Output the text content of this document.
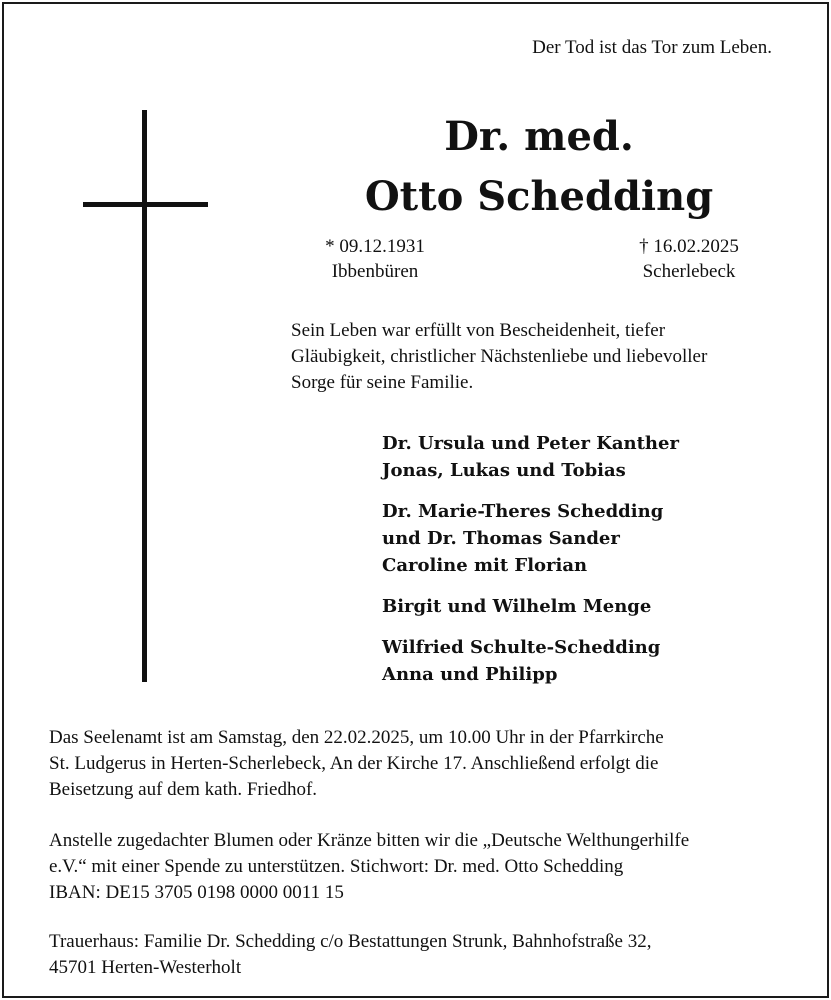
Der Tod ist das Tor zum Leben.
Dr. med.
Otto Schedding
* 09.12.1931
Ibbenbüren
† 16.02.2025
Scherlebeck
Sein Leben war erfüllt von Bescheidenheit, tiefer
Gläubigkeit, christlicher Nächstenliebe und liebevoller
Sorge für seine Familie.
Dr. Ursula und Peter Kanther
Jonas, Lukas und Tobias
Dr. Marie-Theres Schedding
und Dr. Thomas Sander
Caroline mit Florian
Birgit und Wilhelm Menge
Wilfried Schulte-Schedding
Anna und Philipp
Das Seelenamt ist am Samstag, den 22.02.2025, um 10.00 Uhr in der Pfarrkirche
St. Ludgerus in Herten-Scherlebeck, An der Kirche 17. Anschließend erfolgt die
Beisetzung auf dem kath. Friedhof.
Anstelle zugedachter Blumen oder Kränze bitten wir die „Deutsche Welthungerhilfe
e.V.“ mit einer Spende zu unterstützen. Stichwort: Dr. med. Otto Schedding
IBAN: DE15 3705 0198 0000 0011 15
Trauerhaus: Familie Dr. Schedding c/o Bestattungen Strunk, Bahnhofstraße 32,
45701 Herten-Westerholt
